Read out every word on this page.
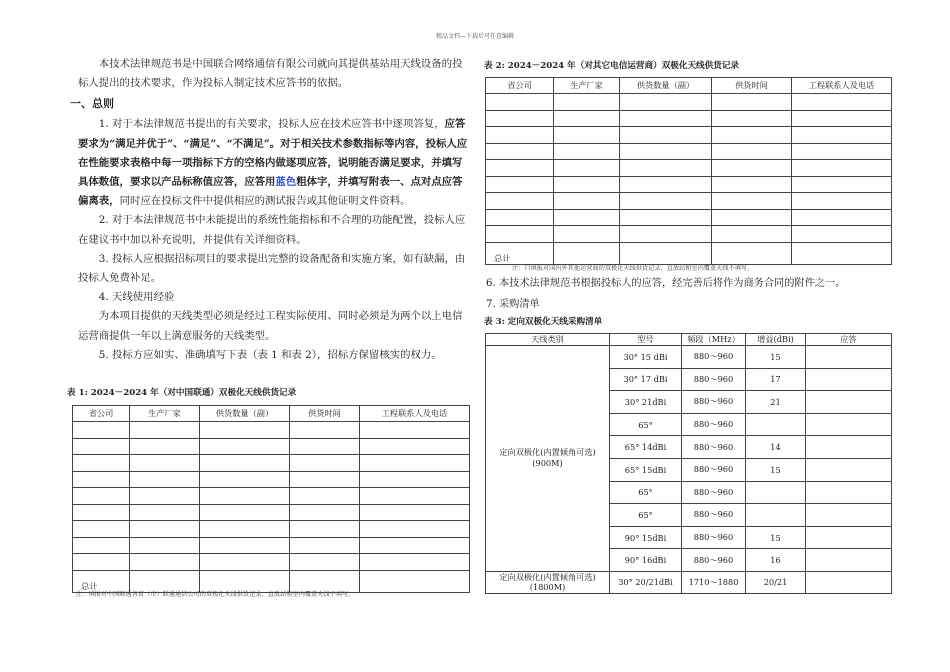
精品文档---下载后可任意编辑

本技术法律规范书是中国联合网络通信有限公司就向其提供基站用天线设备的投标人提出的技术要求，作为投标人制定技术应答书的依据。

一、总则

1. 对于本法律规范书提出的有关要求，投标人应在技术应答书中逐项答复，应答要求为“满足并优于”、“满足”、“不满足”。对于相关技术参数指标等内容，投标人应在性能要求表格中每一项指标下方的空格内做逐项应答，说明能否满足要求，并填写具体数值，要求以产品标称值应答，应答用蓝色粗体字，并填写附表一、点对点应答偏离表，同时应在投标文件中提供相应的测试报告或其他证明文件资料。

2. 对于本法律规范书中未能提出的系统性能指标和不合理的功能配置，投标人应在建议书中加以补充说明，并提供有关详细资料。

3. 投标人应根据招标项目的要求提出完整的设备配备和实施方案，如有缺漏，由投标人免费补足。

4. 天线使用经验

为本项目提供的天线类型必须是经过工程实际使用、同时必须是为两个以上电信运营商提供一年以上满意服务的天线类型。

5. 投标方应如实、准确填写下表（表 1 和表 2），招标方保留核实的权力。

表 1: 2024－2024 年（对中国联通）双极化天线供货记录
省公司	生产厂家	供货数量（副）	供货时间	工程联系人及电话

总计				
注：填报对中国联通各省（市）联通通信公司的双极化天线供货记录，直放站和室内覆盖天线不填写。
表 2: 2024－2024 年（对其它电信运营商）双极化天线供货记录
省公司	生产厂家	供货数量（副）	供货时间	工程联系人及电话

总计				
注：只填报对国内外其他运营商的双极化天线供货记录，直放站和室内覆盖天线不填写。
6. 本技术法律规范书根据投标人的应答，经完善后将作为商务合同的附件之一。
7. 采购清单
表 3: 定向双极化天线采购清单
天线类别	型号	频段（MHz）	增益(dBi)	应答
定向双极化(内置倾角可选)
(900M)	30° 15 dBi	880～960	15	
	30° 17 dBi	880～960	17	
	30° 21dBi	880～960	21	
	65°	880～960		
	65° 14dBi	880～960	14	
	65° 15dBi	880～960	15	
	65°	880～960		
	65°	880～960		
	90° 15dBi	880～960	15	
	90° 16dBi	880～960	16	
定向双极化(内置倾角可选)
(1800M)	30° 20/21dBi	1710～1880	20/21	
